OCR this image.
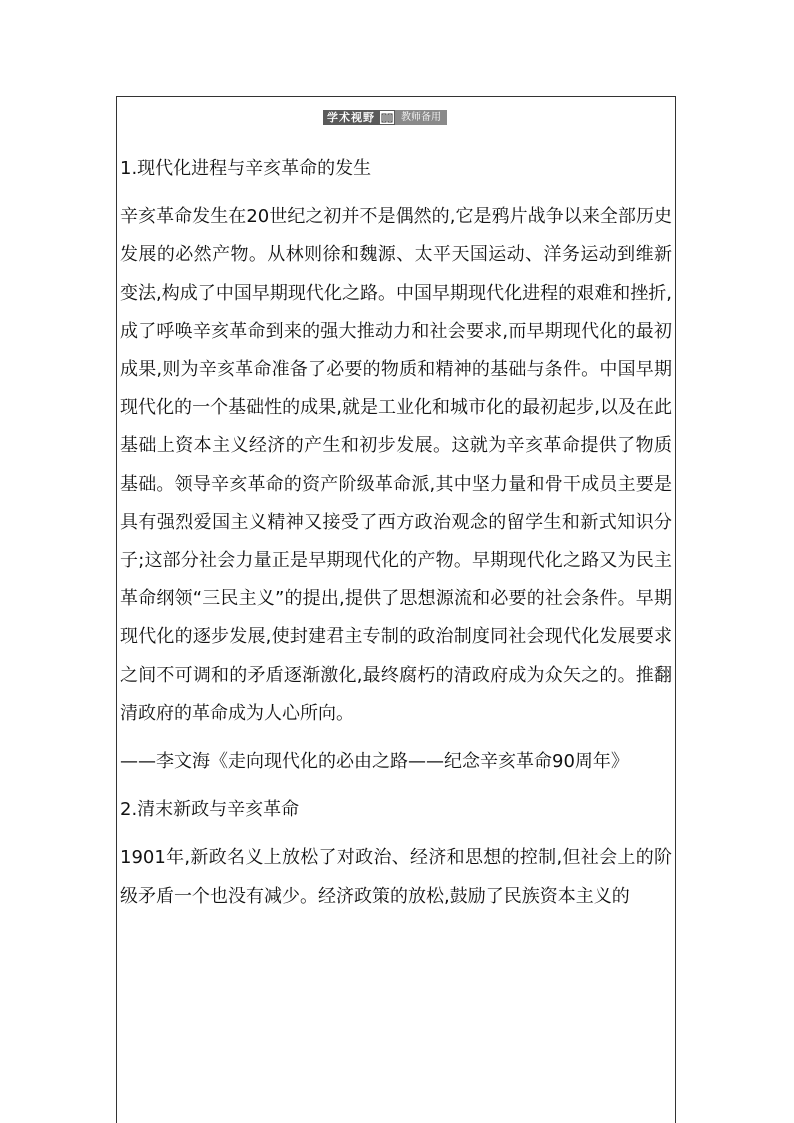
学术视野	教师备用

1.现代化进程与辛亥革命的发生

辛亥革命发生在20世纪之初并不是偶然的,它是鸦片战争以来全部历史发展的必然产物。从林则徐和魏源、太平天国运动、洋务运动到维新变法,构成了中国早期现代化之路。中国早期现代化进程的艰难和挫折,成了呼唤辛亥革命到来的强大推动力和社会要求,而早期现代化的最初成果,则为辛亥革命准备了必要的物质和精神的基础与条件。中国早期现代化的一个基础性的成果,就是工业化和城市化的最初起步,以及在此基础上资本主义经济的产生和初步发展。这就为辛亥革命提供了物质基础。领导辛亥革命的资产阶级革命派,其中坚力量和骨干成员主要是具有强烈爱国主义精神又接受了西方政治观念的留学生和新式知识分子;这部分社会力量正是早期现代化的产物。早期现代化之路又为民主革命纲领“三民主义”的提出,提供了思想源流和必要的社会条件。早期现代化的逐步发展,使封建君主专制的政治制度同社会现代化发展要求之间不可调和的矛盾逐渐激化,最终腐朽的清政府成为众矢之的。推翻清政府的革命成为人心所向。

——李文海《走向现代化的必由之路——纪念辛亥革命90周年》

2.清末新政与辛亥革命

1901年,新政名义上放松了对政治、经济和思想的控制,但社会上的阶级矛盾一个也没有减少。经济政策的放松,鼓励了民族资本主义的
